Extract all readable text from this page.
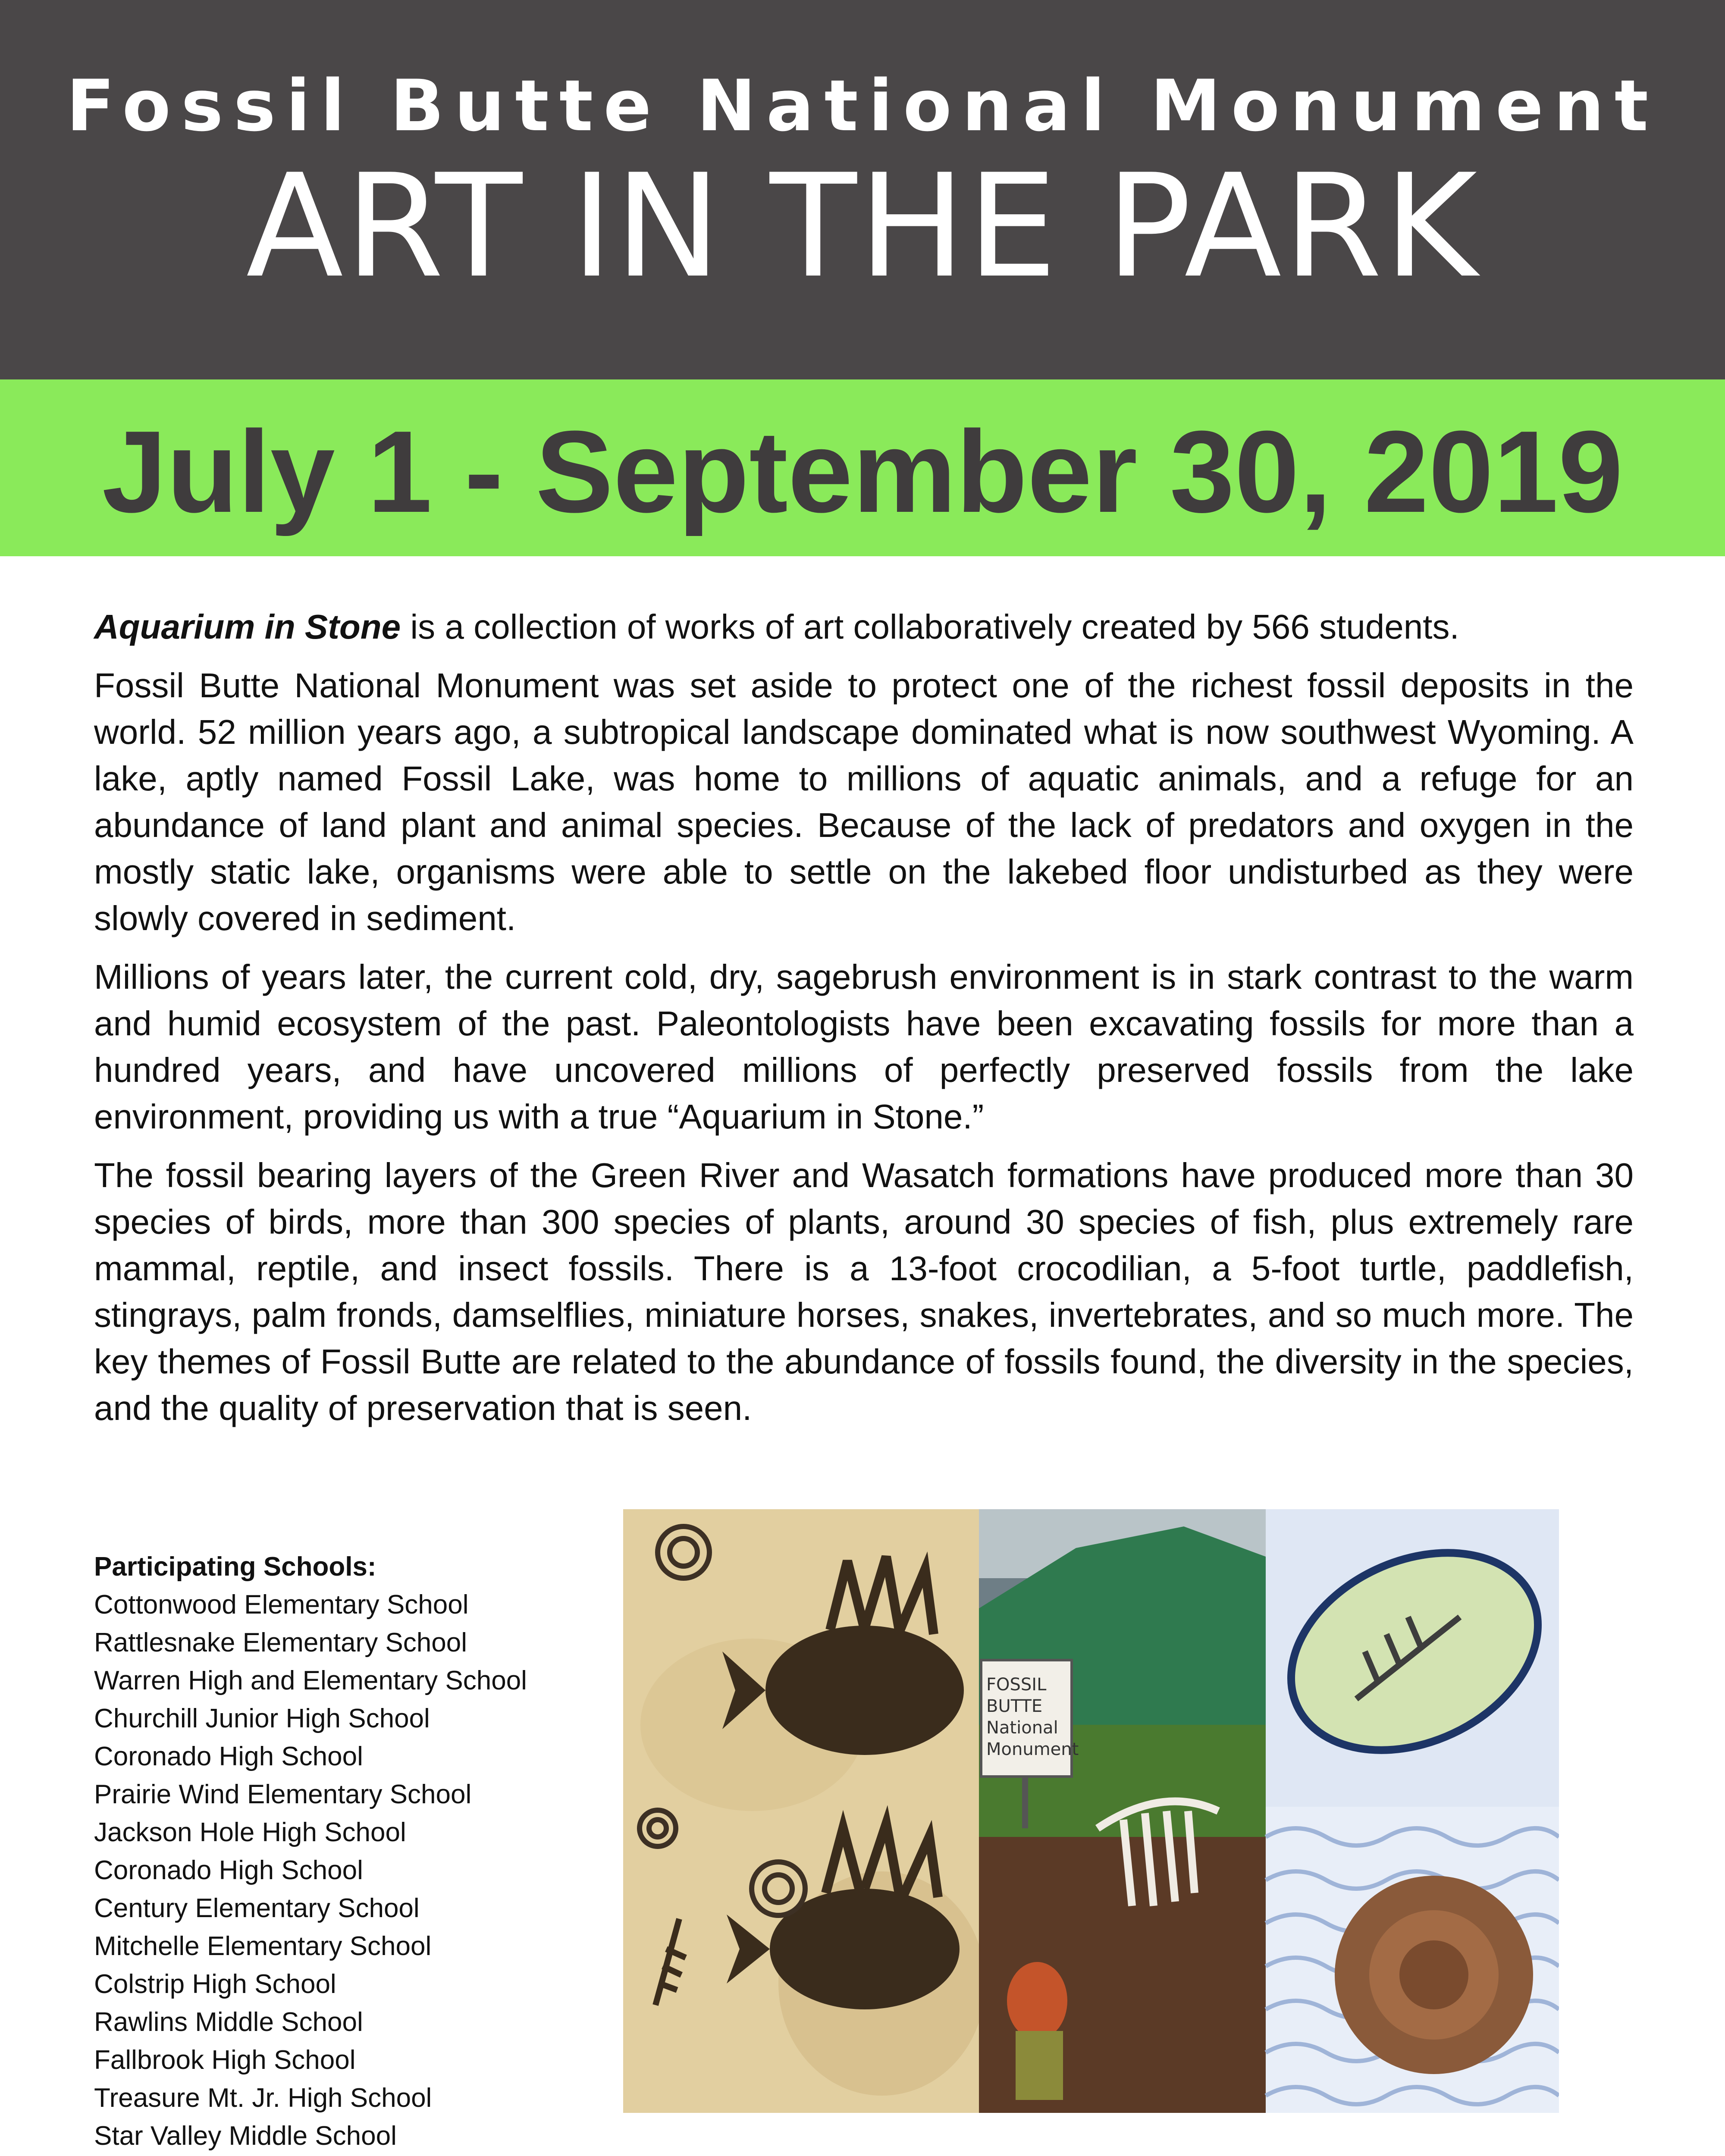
Fossil Butte National Monument
ART IN THE PARK
July 1 - September 30, 2019

Aquarium in Stone is a collection of works of art collaboratively created by 566 students.

Fossil Butte National Monument was set aside to protect one of the richest fossil deposits in the world. 52 million years ago, a subtropical landscape dominated what is now southwest Wyoming. A lake, aptly named Fossil Lake, was home to millions of aquatic animals, and a refuge for an abundance of land plant and animal species. Because of the lack of predators and oxygen in the mostly static lake, organisms were able to settle on the lakebed floor undisturbed as they were slowly covered in sediment.

Millions of years later, the current cold, dry, sagebrush environment is in stark contrast to the warm and humid ecosystem of the past. Paleontologists have been excavating fossils for more than a hundred years, and have uncovered millions of perfectly preserved fossils from the lake environment, providing us with a true “Aquarium in Stone.”

The fossil bearing layers of the Green River and Wasatch formations have produced more than 30 species of birds, more than 300 species of plants, around 30 species of fish, plus extremely rare mammal, reptile, and insect fossils. There is a 13-foot crocodilian, a 5-foot turtle, paddlefish, stingrays, palm fronds, damselflies, miniature horses, snakes, invertebrates, and so much more. The key themes of Fossil Butte are related to the abundance of fossils found, the diversity in the species, and the quality of preservation that is seen.

Participating Schools:
Cottonwood Elementary School
Rattlesnake Elementary School
Warren High and Elementary School
Churchill Junior High School
Coronado High School
Prairie Wind Elementary School
Jackson Hole High School
Coronado High School
Century Elementary School
Mitchelle Elementary School
Colstrip High School
Rawlins Middle School
Fallbrook High School
Treasure Mt. Jr. High School
Star Valley Middle School
FOSSIL
BUTTE
National
Monument
